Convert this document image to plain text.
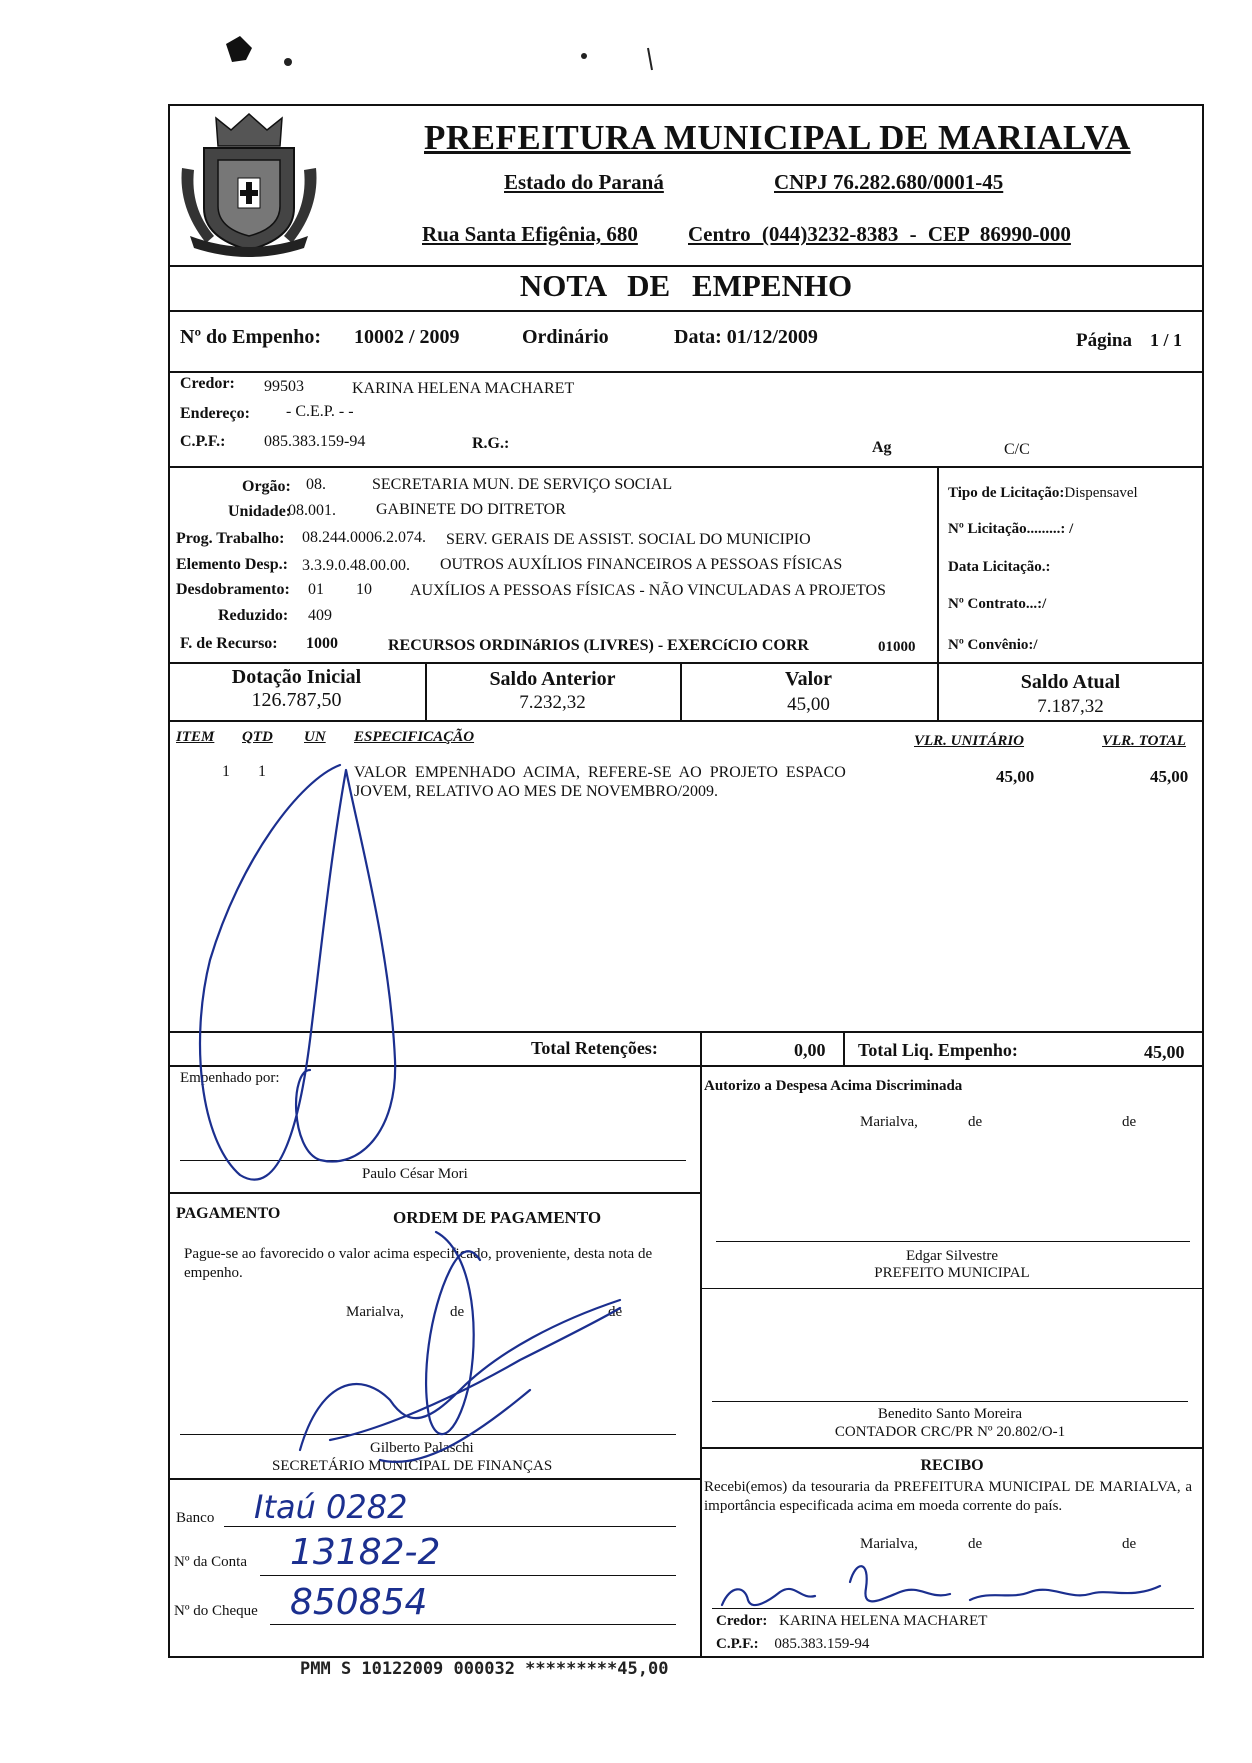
PREFEITURA MUNICIPAL DE MARIALVA
Estado do Paraná	CNPJ 76.282.680/0001-45
Rua Santa Efigênia, 680 Centro (044)3232-8383 - CEP 86990-000
NOTA DE EMPENHO
Nº do Empenho: 10002 / 2009	Ordinário	Data: 01/12/2009	Página 1 / 1
Credor: 99503	KARINA HELENA MACHARET
Endereço: - C.E.P. - -
C.P.F.: 085.383.159-94	R.G.:	Ag	C/C
Orgão: 08.	SECRETARIA MUN. DE SERVIÇO SOCIAL
Unidade:
08.001.	GABINETE DO DITRETOR
Prog. Trabalho: 08.244.0006.2.074. SERV. GERAIS DE ASSIST. SOCIAL DO MUNICIPIO
Elemento Desp.: 3.3.9.0.48.00.00. OUTROS AUXÍLIOS FINANCEIROS A PESSOAS FÍSICAS
Desdobramento: 01 10 AUXÍLIOS A PESSOAS FÍSICAS - NÃO VINCULADAS A PROJETOS
Reduzido: 409
F. de Recurso: 1000	RECURSOS ORDINáRIOS (LIVRES) - EXERCíCIO CORR	01000
Tipo de Licitação:Dispensavel
Nº Licitação.........: /
Data Licitação.:
Nº Contrato...:/
Nº Convênio:/
Dotação Inicial
126.787,50
Saldo Anterior
7.232,32
Valor
45,00
Saldo Atual
7.187,32
ITEM QTD UN ESPECIFICAÇÃO	VLR. UNITÁRIO	VLR. TOTAL
1 1	VALOR EMPENHADO ACIMA, REFERE-SE AO PROJETO ESPACO
JOVEM, RELATIVO AO MES DE NOVEMBRO/2009.
45,00	45,00
Total Retenções:	0,00 Total Liq. Empenho:	45,00
Empenhado por:
Paulo César Mori
PAGAMENTO	ORDEM DE PAGAMENTO
Pague-se ao favorecido o valor acima especificado, proveniente, desta nota de empenho.
Marialva,	de	de
Gilberto Palaschi
SECRETÁRIO MUNICIPAL DE FINANÇAS
Banco Itaú 0282
Nº da Conta 13182-2
Nº do Cheque 850854
Autorizo a Despesa Acima Discriminada
Marialva,	de	de
Edgar Silvestre
PREFEITO MUNICIPAL
Benedito Santo Moreira
CONTADOR CRC/PR Nº 20.802/O-1
RECIBO
Recebi(emos) da tesouraria da PREFEITURA MUNICIPAL DE MARIALVA, a importância especificada acima em moeda corrente do país.
Marialva,	de	de
Credor: KARINA HELENA MACHARET
C.P.F.: 085.383.159-94
PMM S 10122009 000032 *********45,00
